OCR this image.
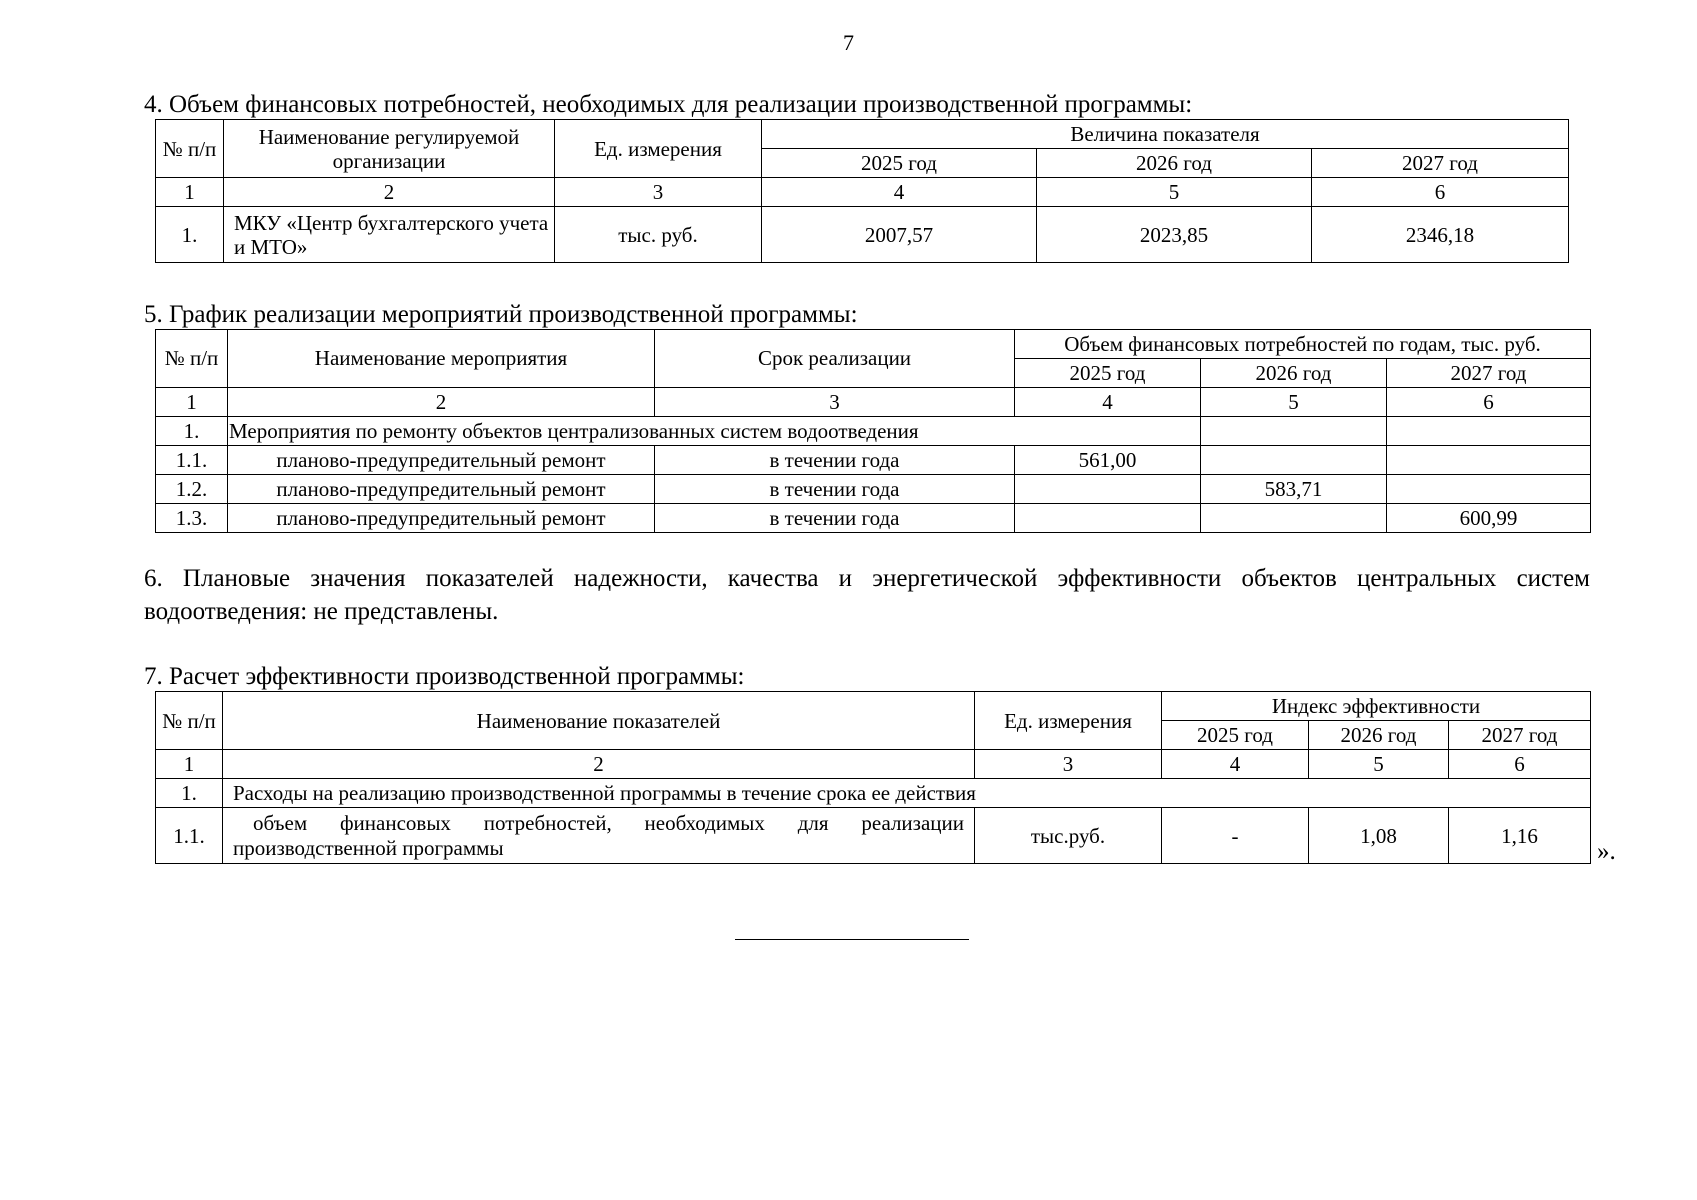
7
4. Объем финансовых потребностей, необходимых для реализации производственной программы:
№ п/п	Наименование регулируемой организации	Ед. измерения	Величина показателя		
			2025 год	2026 год	2027 год
1	2	3	4	5	6
1.	МКУ «Центр бухгалтерского учета и МТО»	тыс. руб.	2007,57	2023,85	2346,18
5. График реализации мероприятий производственной программы:
№ п/п	Наименование мероприятия	Срок реализации	Объем финансовых потребностей по годам, тыс. руб.		
			2025 год	2026 год	2027 год
1	2	3	4	5	6
1.	Мероприятия по ремонту объектов централизованных систем водоотведения				
1.1.	планово-предупредительный ремонт	в течении года	561,00		
1.2.	планово-предупредительный ремонт	в течении года		583,71	
1.3.	планово-предупредительный ремонт	в течении года			600,99
6. Плановые значения показателей надежности, качества и энергетической эффективности объектов центральных систем водоотведения: не представлены.
7. Расчет эффективности производственной программы:
№ п/п	Наименование показателей	Ед. измерения	Индекс эффективности		
			2025 год	2026 год	2027 год
1	2	3	4	5	6
1.	Расходы на реализацию производственной программы в течение срока ее действия				
1.1.	объем финансовых потребностей, необходимых для реализации производственной программы	тыс.руб.	-	1,08	1,16
».
